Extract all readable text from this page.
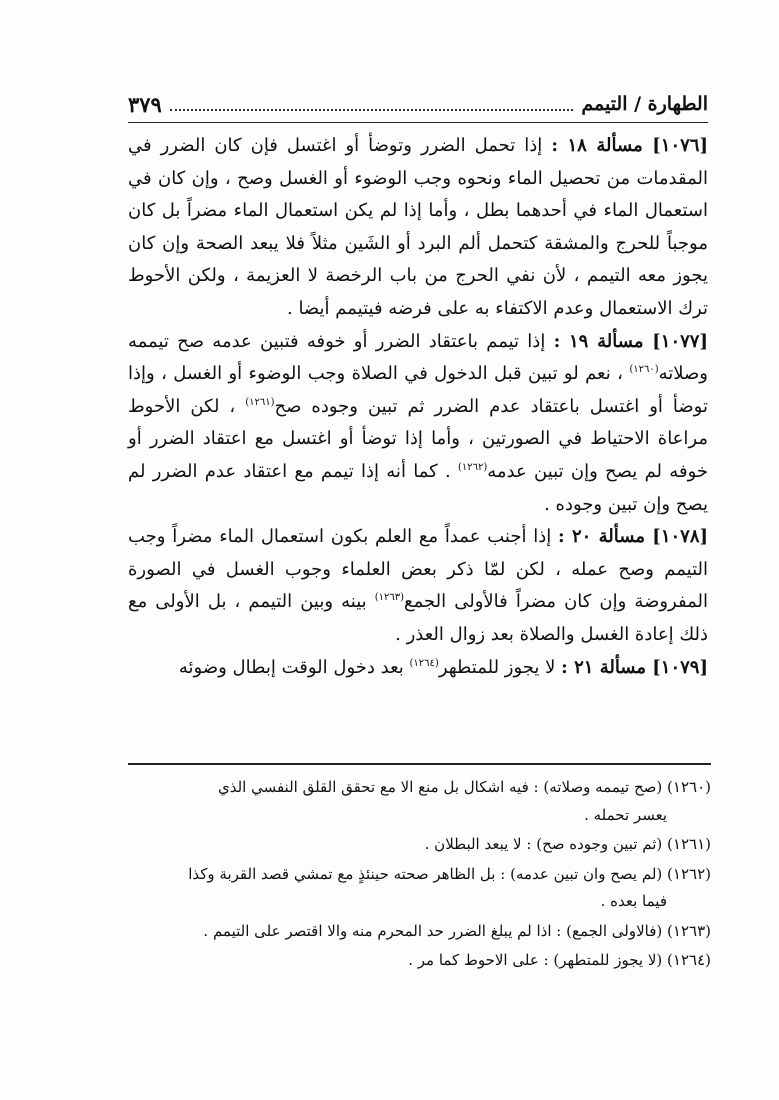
الطهارة / التيمم
٣٧٩

[١٠٧٦] مسألة ١٨ : إذا تحمل الضرر وتوضأ أو اغتسل فإن كان الضرر في المقدمات من تحصيل الماء ونحوه وجب الوضوء أو الغسل وصح ، وإن كان في استعمال الماء في أحدهما بطل ، وأما إذا لم يكن استعمال الماء مضراً بل كان موجباً للحرج والمشقة كتحمل ألم البرد أو الشَين مثلاً فلا يبعد الصحة وإن كان يجوز معه التيمم ، لأن نفي الحرج من باب الرخصة لا العزيمة ، ولكن الأحوط ترك الاستعمال وعدم الاكتفاء به على فرضه فيتيمم أيضا .

[١٠٧٧] مسألة ١٩ : إذا تيمم باعتقاد الضرر أو خوفه فتبين عدمه صح تيممه وصلاته$^{(١٢٦٠)}$ ، نعم لو تبين قبل الدخول في الصلاة وجب الوضوء أو الغسل ، وإذا توضأ أو اغتسل باعتقاد عدم الضرر ثم تبين وجوده صح$^{(١٢٦١)}$ ، لكن الأحوط مراعاة الاحتياط في الصورتين ، وأما إذا توضأ أو اغتسل مع اعتقاد الضرر أو خوفه لم يصح وإن تبين عدمه$^{(١٢٦٢)}$ . كما أنه إذا تيمم مع اعتقاد عدم الضرر لم يصح وإن تبين وجوده .

[١٠٧٨] مسألة ٢٠ : إذا أجنب عمداً مع العلم بكون استعمال الماء مضراً وجب التيمم وصح عمله ، لكن لمّا ذكر بعض العلماء وجوب الغسل في الصورة المفروضة وإن كان مضراً فالأولى الجمع$^{(١٢٦٣)}$ بينه وبين التيمم ، بل الأولى مع ذلك إعادة الغسل والصلاة بعد زوال العذر .

[١٠٧٩] مسألة ٢١ : لا يجوز للمتطهر$^{(١٢٦٤)}$ بعد دخول الوقت إبطال وضوئه

(١٢٦٠) (صح تيممه وصلاته) : فيه اشكال بل منع الا مع تحقق القلق النفسي الذي
يعسر تحمله .

(١٢٦١) (ثم تبين وجوده صح) : لا يبعد البطلان .

(١٢٦٢) (لم يصح وان تبين عدمه) : بل الظاهر صحته حينئذٍ مع تمشي قصد القربة وكذا
فيما بعده .

(١٢٦٣) (فالاولى الجمع) : اذا لم يبلغ الضرر حد المحرم منه والا اقتصر على التيمم .

(١٢٦٤) (لا يجوز للمتطهر) : على الاحوط كما مر .
